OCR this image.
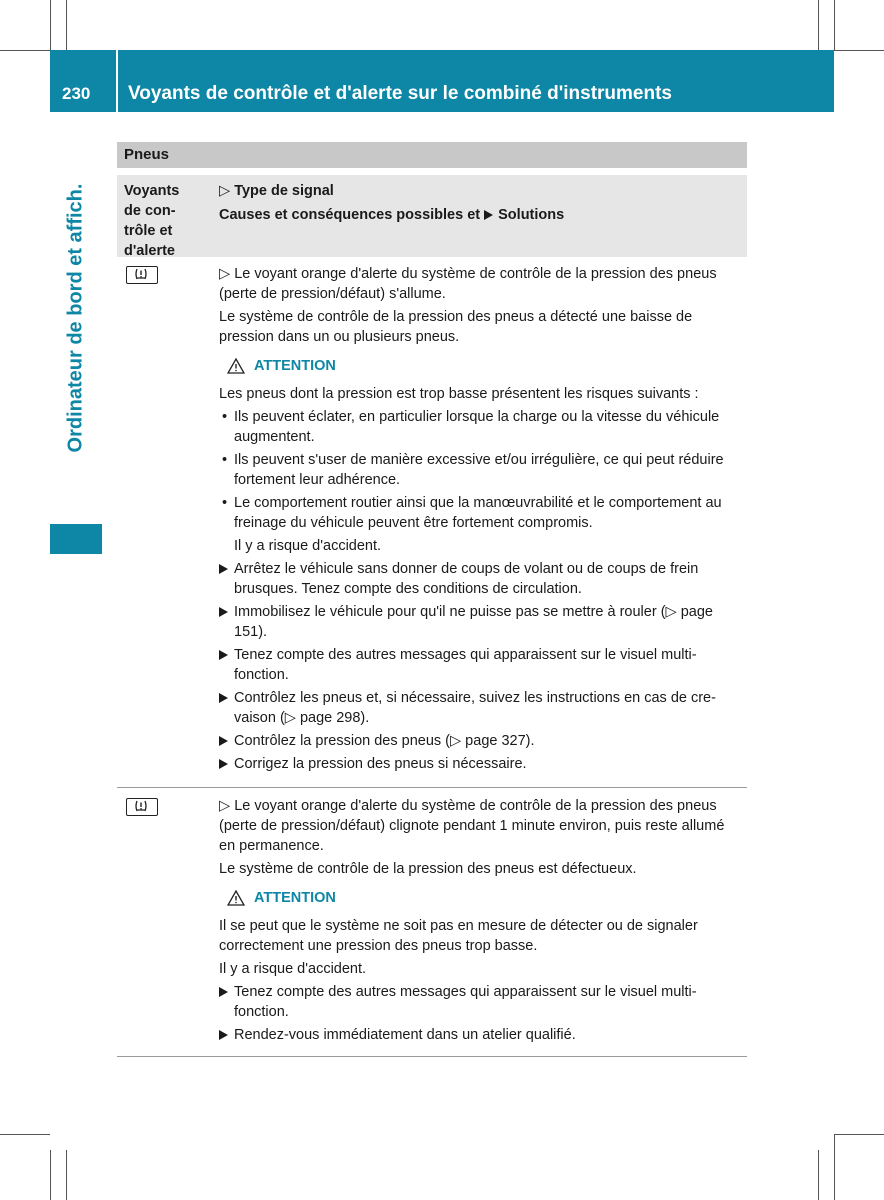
230	Voyants de contrôle et d'alerte sur le combiné d'instruments
Ordinateur de bord et affich.
Pneus
Voyants
de con-
trôle et
d'alerte
▷ Type de signal
Causes et conséquences possibles et Solutions

▷ Le voyant orange d'alerte du système de contrôle de la pression des pneus (perte de pression/défaut) s'allume.

Le système de contrôle de la pression des pneus a détecté une baisse de pression dans un ou plusieurs pneus.

ATTENTION

Les pneus dont la pression est trop basse présentent les risques suivants :

• Ils peuvent éclater, en particulier lorsque la charge ou la vitesse du véhicule augmentent.
• Ils peuvent s'user de manière excessive et/ou irrégulière, ce qui peut réduire fortement leur adhérence.
• Le comportement routier ainsi que la manœuvrabilité et le comportement au freinage du véhicule peuvent être fortement compromis.
Il y a risque d'accident.
Arrêtez le véhicule sans donner de coups de volant ou de coups de frein brusques. Tenez compte des conditions de circulation.
Immobilisez le véhicule pour qu'il ne puisse pas se mettre à rouler (▷ page 151).
Tenez compte des autres messages qui apparaissent sur le visuel multi-fonction.
Contrôlez les pneus et, si nécessaire, suivez les instructions en cas de cre-vaison (▷ page 298).
Contrôlez la pression des pneus (▷ page 327).
Corrigez la pression des pneus si nécessaire.

▷ Le voyant orange d'alerte du système de contrôle de la pression des pneus (perte de pression/défaut) clignote pendant 1 minute environ, puis reste allumé en permanence.

Le système de contrôle de la pression des pneus est défectueux.

ATTENTION

Il se peut que le système ne soit pas en mesure de détecter ou de signaler correctement une pression des pneus trop basse.

Il y a risque d'accident.

Tenez compte des autres messages qui apparaissent sur le visuel multi-fonction.
Rendez-vous immédiatement dans un atelier qualifié.
